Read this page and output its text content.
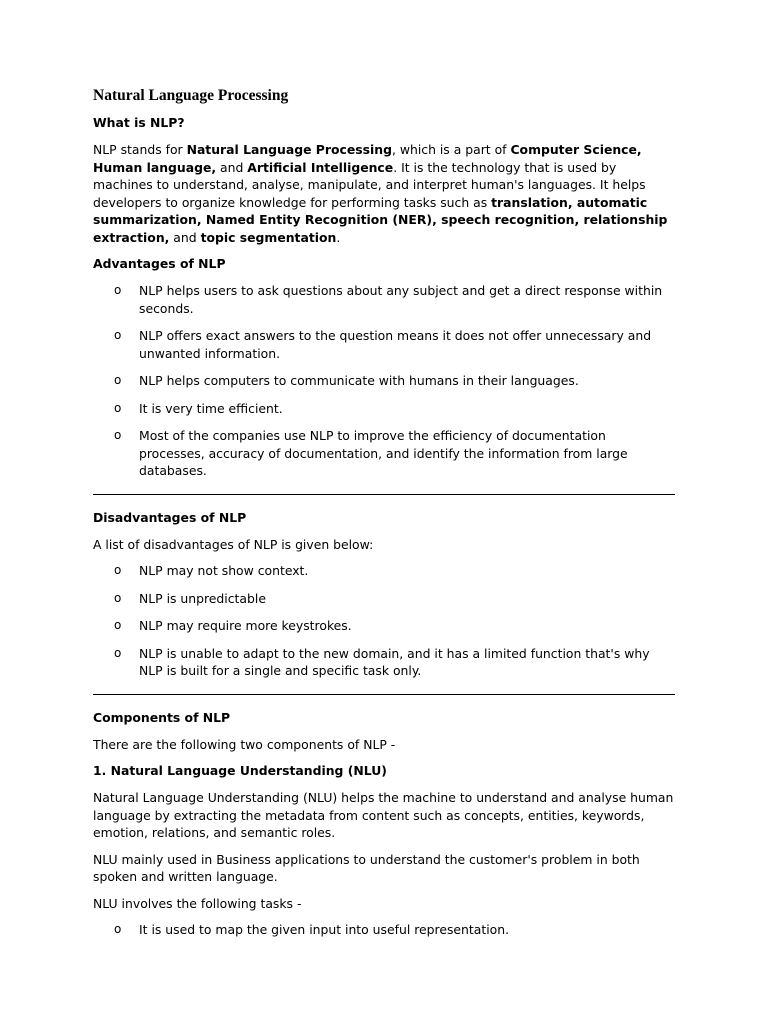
Natural Language Processing
What is NLP?
NLP stands for Natural Language Processing, which is a part of Computer Science, Human language, and Artificial Intelligence. It is the technology that is used by machines to understand, analyse, manipulate, and interpret human's languages. It helps developers to organize knowledge for performing tasks such as translation, automatic summarization, Named Entity Recognition (NER), speech recognition, relationship extraction, and topic segmentation.
Advantages of NLP
o NLP helps users to ask questions about any subject and get a direct response within seconds.
o NLP offers exact answers to the question means it does not offer unnecessary and unwanted information.
o NLP helps computers to communicate with humans in their languages.
o It is very time efficient.
o Most of the companies use NLP to improve the efficiency of documentation processes, accuracy of documentation, and identify the information from large databases.
Disadvantages of NLP
A list of disadvantages of NLP is given below:
o NLP may not show context.
o NLP is unpredictable
o NLP may require more keystrokes.
o NLP is unable to adapt to the new domain, and it has a limited function that's why NLP is built for a single and specific task only.
Components of NLP
There are the following two components of NLP -
1. Natural Language Understanding (NLU)
Natural Language Understanding (NLU) helps the machine to understand and analyse human language by extracting the metadata from content such as concepts, entities, keywords, emotion, relations, and semantic roles.
NLU mainly used in Business applications to understand the customer's problem in both spoken and written language.
NLU involves the following tasks -
o It is used to map the given input into useful representation.
